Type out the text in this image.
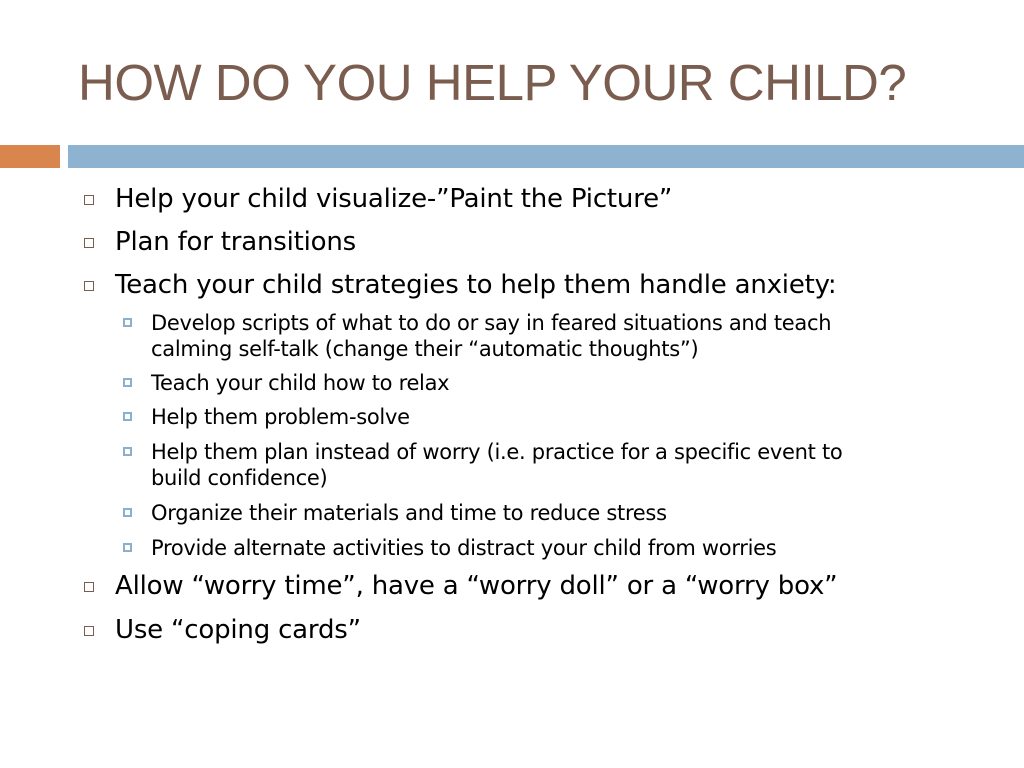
HOW DO YOU HELP YOUR CHILD?
Help your child visualize-”Paint the Picture”
Plan for transitions
Teach your child strategies to help them handle anxiety:
Develop scripts of what to do or say in feared situations and teach
calming self-talk (change their “automatic thoughts”)
Teach your child how to relax
Help them problem-solve
Help them plan instead of worry (i.e. practice for a specific event to
build confidence)
Organize their materials and time to reduce stress
Provide alternate activities to distract your child from worries
Allow “worry time”, have a “worry doll” or a “worry box”
Use “coping cards”
